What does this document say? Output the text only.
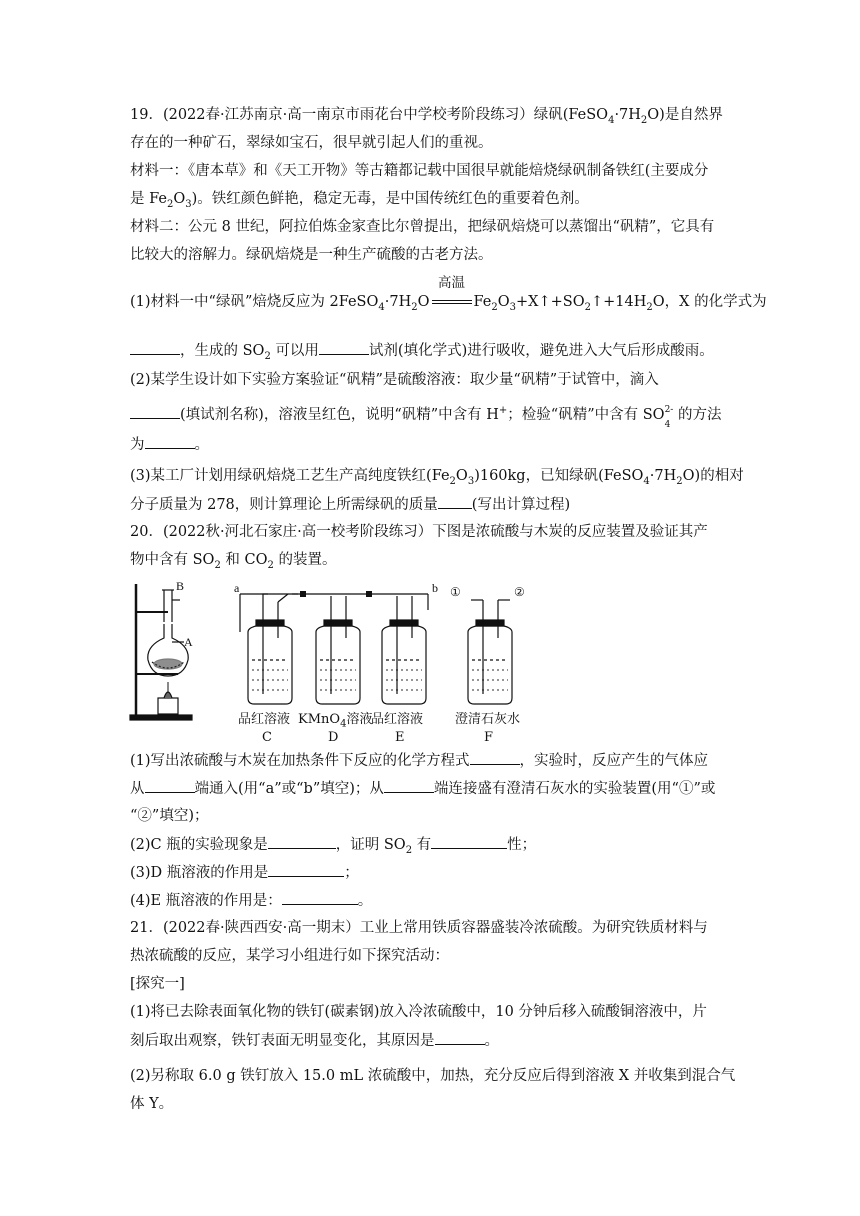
19．(2022春·江苏南京·高一南京市雨花台中学校考阶段练习）绿矾$(FeSO_4\cdot 7H_2O)$是自然界
存在的一种矿石，翠绿如宝石，很早就引起人们的重视。
材料一：《唐本草》和《天工开物》等古籍都记载中国很早就能焙烧绿矾制备铁红(主要成分
是 $Fe_2O_3$)。铁红颜色鲜艳，稳定无毒，是中国传统红色的重要着色剂。
材料二：公元 8 世纪，阿拉伯炼金家查比尔曾提出，把绿矾焙烧可以蒸馏出“矾精”，它具有
比较大的溶解力。绿矾焙烧是一种生产硫酸的古老方法。
(1)材料一中“绿矾”焙烧反应为 $2FeSO_4\cdot 7H_2O$
高温
$Fe_2O_3+X↑+SO_2↑+14H_2O$，X 的化学式为
，生成的 $SO_2$ 可以用	试剂(填化学式)进行吸收，避免进入大气后形成酸雨。
(2)某学生设计如下实验方案验证“矾精”是硫酸溶液：取少量“矾精”于试管中，滴入
(填试剂名称)，溶液呈红色，说明“矾精”中含有 H+；检验“矾精”中含有 $SO^{2-}$
4
的方法
为	。
(3)某工厂计划用绿矾焙烧工艺生产高纯度铁红$(Fe_2O_3)160kg$，已知绿矾$(FeSO_4\cdot 7H_2O)$的相对
分子质量为 278，则计算理论上所需绿矾的质量 (写出计算过程)
20．(2022秋·河北石家庄·高一校考阶段练习）下图是浓硫酸与木炭的反应装置及验证其产
物中含有 $SO_2$ 和 $CO_2$ 的装置。
B
A
a	b ①	②
品红溶液
C
KMnO$_4$溶液
D
品红溶液
E
澄清石灰水
F
(1)写出浓硫酸与木炭在加热条件下反应的化学方程式	，实验时，反应产生的气体应
从	端通入(用“a”或“b”填空)；从	端连接盛有澄清石灰水的实验装置(用“①”或
“②”填空)；
(2)C 瓶的实验现象是	，证明 $SO_2$ 有	性；
(3)D 瓶溶液的作用是	；
(4)E 瓶溶液的作用是：	。
21．(2022春·陕西西安·高一期末）工业上常用铁质容器盛装冷浓硫酸。为研究铁质材料与
热浓硫酸的反应，某学习小组进行如下探究活动：
[探究一]
(1)将已去除表面氧化物的铁钉(碳素钢)放入冷浓硫酸中，10 分钟后移入硫酸铜溶液中，片
刻后取出观察，铁钉表面无明显变化，其原因是	。
(2)另称取 6.0 g 铁钉放入 15.0 mL 浓硫酸中，加热，充分反应后得到溶液 X 并收集到混合气
体 Y。
